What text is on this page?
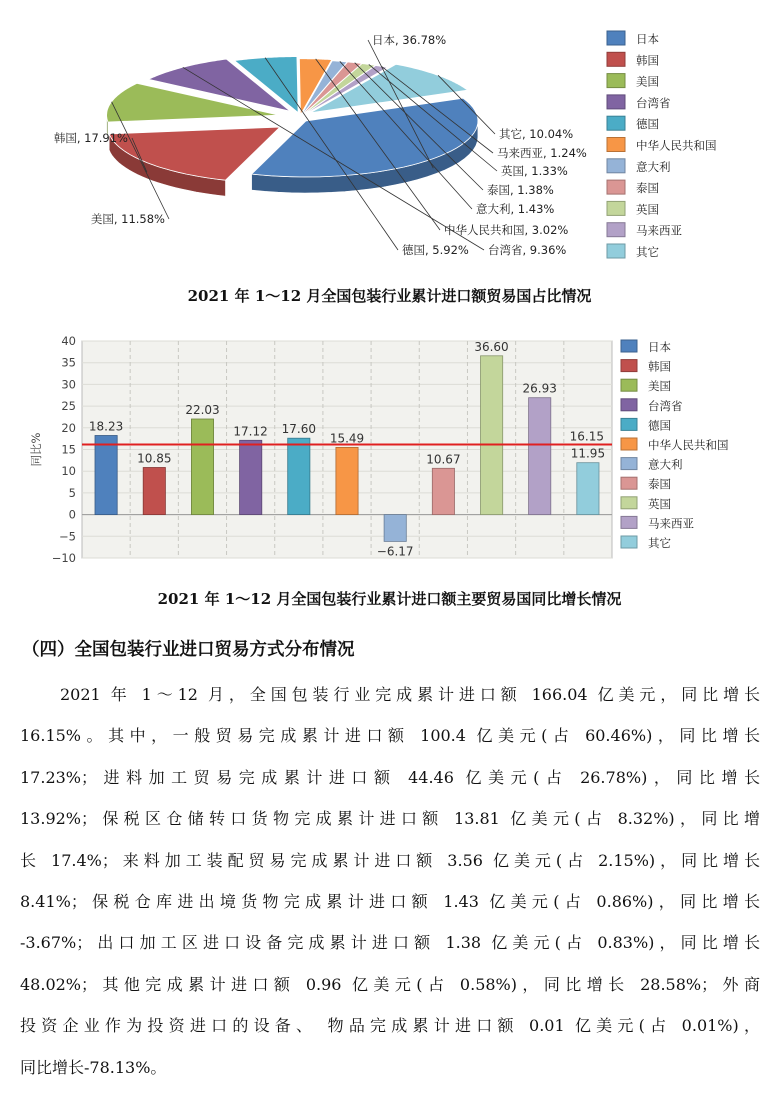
日本, 36.78%
韩国, 17.91%
美国, 11.58%
台湾省, 9.36%
德国, 5.92%
中华人民共和国, 3.02%
意大利, 1.43%
泰国, 1.38%
英国, 1.33%
马来西亚, 1.24%
其它, 10.04%
日本
韩国
美国
台湾省
德国
中华人民共和国
意大利
泰国
英国
马来西亚
其它
2021 年 1～12 月全国包装行业累计进口额贸易国占比情况
同比%
−10
−5
0
5
10
15
20
25
30
35
40
18.23
10.85
22.03
17.12 17.60
15.49
−6.17
10.67
36.60
26.93
11.95
16.15
日本
韩国
美国
台湾省
德国
中华人民共和国
意大利
泰国
英国
马来西亚
其它
2021 年 1～12 月全国包装行业累计进口额主要贸易国同比增长情况
（四）全国包装行业进口贸易方式分布情况
2021 年 1～12 月，全国包装行业完成累计进口额 166.04 亿美元，同比增长
16.15%。其中，一般贸易完成累计进口额 100.4 亿美元(占 60.46%)，同比增长
17.23%；进料加工贸易完成累计进口额 44.46 亿美元(占 26.78%)，同比增长
13.92%；保税区仓储转口货物完成累计进口额 13.81 亿美元(占 8.32%)，同比增
长 17.4%；来料加工装配贸易完成累计进口额 3.56 亿美元(占 2.15%)，同比增长
8.41%；保税仓库进出境货物完成累计进口额 1.43 亿美元(占 0.86%)，同比增长
-3.67%；出口加工区进口设备完成累计进口额 1.38 亿美元(占 0.83%)，同比增长
48.02%；其他完成累计进口额 0.96 亿美元(占 0.58%)，同比增长 28.58%；外商
投资企业作为投资进口的设备、 物品完成累计进口额 0.01 亿美元(占 0.01%)，
同比增长-78.13%。
